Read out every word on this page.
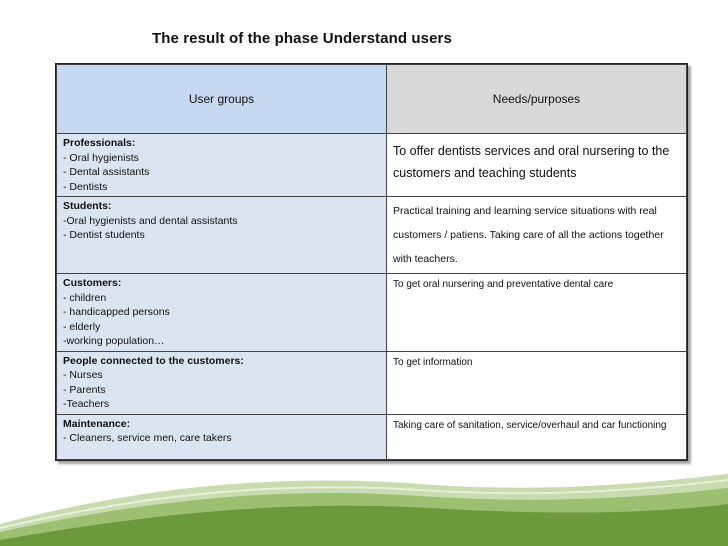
The result of the phase Understand users
User groups	Needs/purposes

Professionals:
- Oral hygienists
- Dental assistants
- Dentists	To offer dentists services and oral nursering to the customers and teaching students

Students:
-Oral hygienists and dental assistants
- Dentist students	Practical training and learning service situations with real customers / patiens. Taking care of all the actions together with teachers.

Customers:
- children
- handicapped persons
- elderly
-working population…	To get oral nursering and preventative dental care

People connected to the customers:
- Nurses
- Parents
-Teachers	To get information

Maintenance:
- Cleaners, service men, care takers	Taking care of sanitation, service/overhaul and car functioning
